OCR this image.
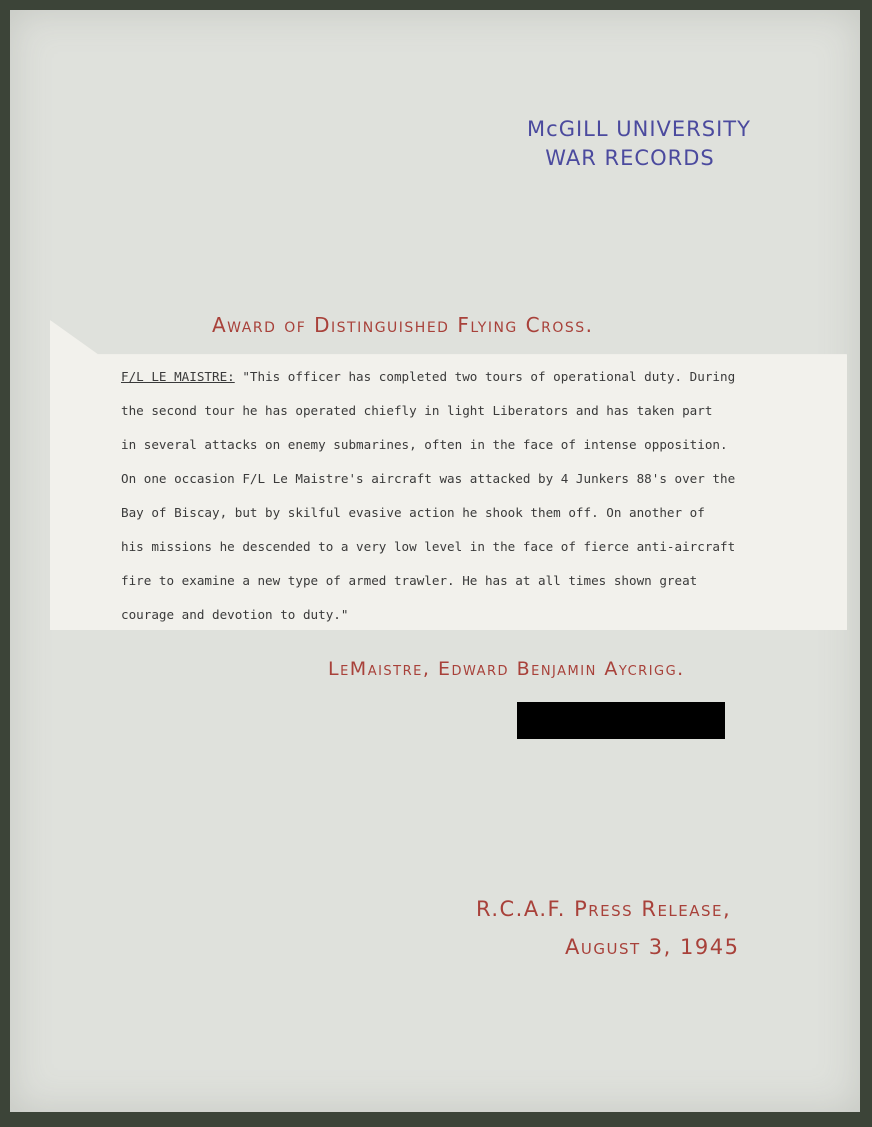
McGILL UNIVERSITY
WAR RECORDS
Award of Distinguished Flying Cross.
F/L LE MAISTRE: "This officer has completed two tours of operational duty. During
the second tour he has operated chiefly in light Liberators and has taken part
in several attacks on enemy submarines, often in the face of intense opposition.
On one occasion F/L Le Maistre's aircraft was attacked by 4 Junkers 88's over the
Bay of Biscay, but by skilful evasive action he shook them off. On another of
his missions he descended to a very low level in the face of fierce anti-aircraft
fire to examine a new type of armed trawler. He has at all times shown great
courage and devotion to duty."
LeMaistre, Edward Benjamin Aycrigg.
R.C.A.F. Press Release,
August 3, 1945
